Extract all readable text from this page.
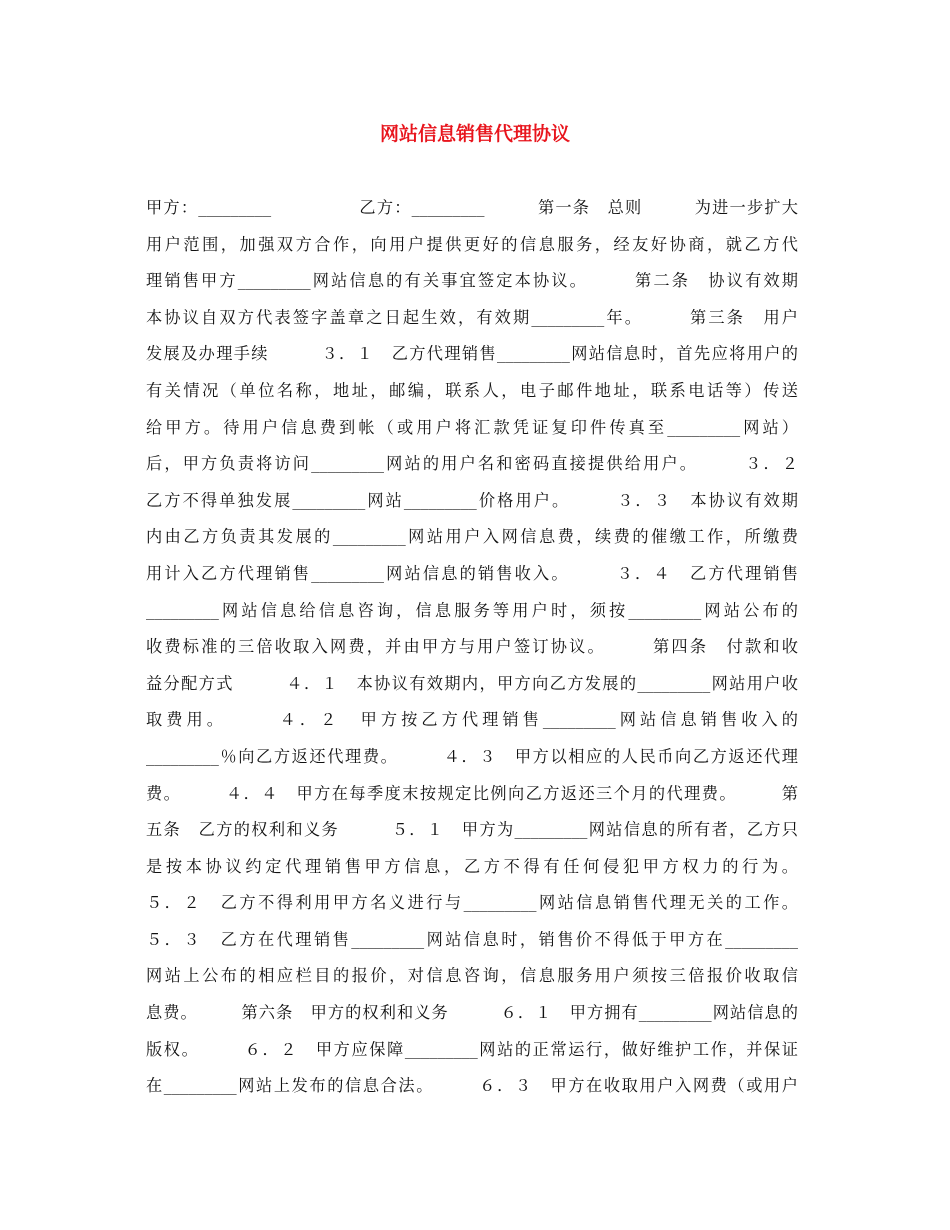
网站信息销售代理协议
甲方：_________　　　　　乙方：_________　　　第一条　总则　　　为进一步扩大
用户范围，加强双方合作，向用户提供更好的信息服务，经友好协商，就乙方代
理销售甲方_________网站信息的有关事宜签定本协议。　　　第二条　协议有效期
本协议自双方代表签字盖章之日起生效，有效期_________年。　　　第三条　用户
发展及办理手续　　　３．１　乙方代理销售_________网站信息时，首先应将用户的
有关情况（单位名称，地址，邮编，联系人，电子邮件地址，联系电话等）传送
给甲方。待用户信息费到帐（或用户将汇款凭证复印件传真至_________网站）
后，甲方负责将访问_________网站的用户名和密码直接提供给用户。　　　３．２
乙方不得单独发展_________网站_________价格用户。　　　３．３　本协议有效期
内由乙方负责其发展的_________网站用户入网信息费，续费的催缴工作，所缴费
用计入乙方代理销售_________网站信息的销售收入。　　　３．４　乙方代理销售
_________网站信息给信息咨询，信息服务等用户时，须按_________网站公布的
收费标准的三倍收取入网费，并由甲方与用户签订协议。　　　第四条　付款和收
益分配方式　　　４．１　本协议有效期内，甲方向乙方发展的_________网站用户收
取费用。　　　４．２　甲方按乙方代理销售_________网站信息销售收入的
_________％向乙方返还代理费。　　　４．３　甲方以相应的人民币向乙方返还代理
费。　　　４．４　甲方在每季度末按规定比例向乙方返还三个月的代理费。　　　第
五条　乙方的权利和义务　　　５．１　甲方为_________网站信息的所有者，乙方只
是按本协议约定代理销售甲方信息，乙方不得有任何侵犯甲方权力的行为。
５．２　乙方不得利用甲方名义进行与_________网站信息销售代理无关的工作。
５．３　乙方在代理销售_________网站信息时，销售价不得低于甲方在_________
网站上公布的相应栏目的报价，对信息咨询，信息服务用户须按三倍报价收取信
息费。　　　第六条　甲方的权利和义务　　　６．１　甲方拥有_________网站信息的
版权。　　　６．２　甲方应保障_________网站的正常运行，做好维护工作，并保证
在_________网站上发布的信息合法。　　　６．３　甲方在收取用户入网费（或用户
